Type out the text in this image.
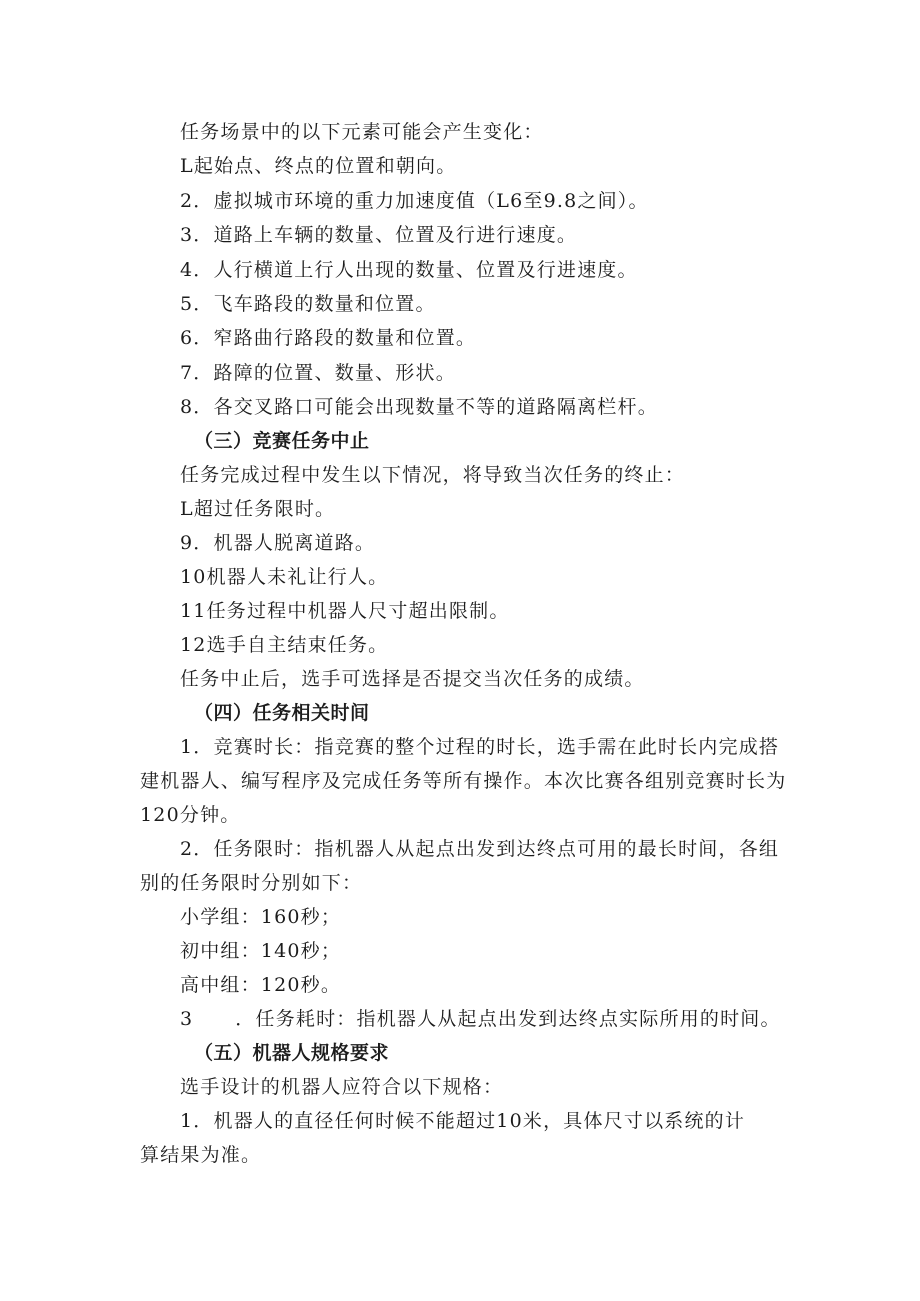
任务场景中的以下元素可能会产生变化：
L起始点、终点的位置和朝向。
2．虚拟城市环境的重力加速度值（L6至9.8之间）。
3．道路上车辆的数量、位置及行进行速度。
4．人行横道上行人出现的数量、位置及行进速度。
5．飞车路段的数量和位置。
6．窄路曲行路段的数量和位置。
7．路障的位置、数量、形状。
8．各交叉路口可能会出现数量不等的道路隔离栏杆。
（三）竞赛任务中止
任务完成过程中发生以下情况，将导致当次任务的终止：
L超过任务限时。
9．机器人脱离道路。
10机器人未礼让行人。
11任务过程中机器人尺寸超出限制。
12选手自主结束任务。
任务中止后，选手可选择是否提交当次任务的成绩。
（四）任务相关时间
1．竞赛时长：指竞赛的整个过程的时长，选手需在此时长内完成搭
建机器人、编写程序及完成任务等所有操作。本次比赛各组别竞赛时长为
120分钟。
2．任务限时：指机器人从起点出发到达终点可用的最长时间，各组
别的任务限时分别如下：
小学组：160秒；
初中组：140秒；
高中组：120秒。
3 ．任务耗时：指机器人从起点出发到达终点实际所用的时间。
（五）机器人规格要求
选手设计的机器人应符合以下规格：
1．机器人的直径任何时候不能超过10米，具体尺寸以系统的计
算结果为准。
